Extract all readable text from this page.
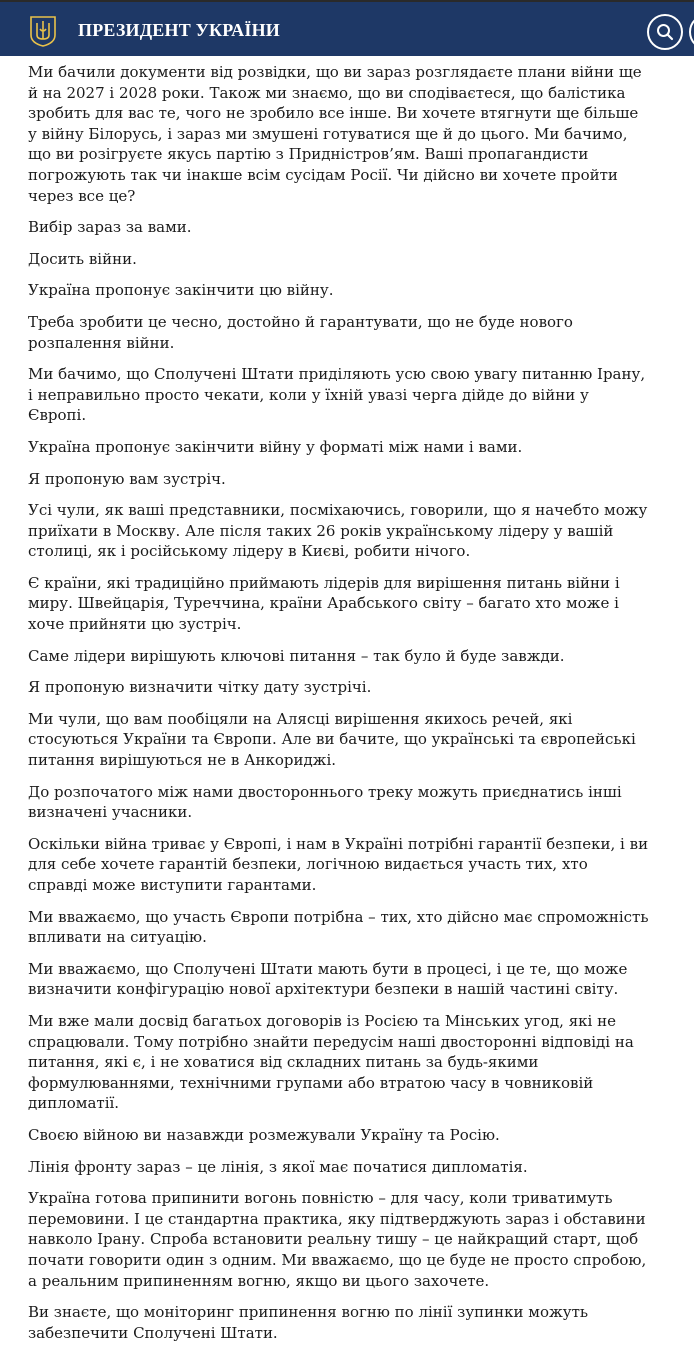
ПРЕЗИДЕНТ УКРАЇНИ

Ми бачили документи від розвідки, що ви зараз розглядаєте плани війни ще й на 2027 і 2028 роки. Також ми знаємо, що ви сподіваєтеся, що балістика зробить для вас те, чого не зробило все інше. Ви хочете втягнути ще більше у війну Білорусь, і зараз ми змушені готуватися ще й до цього. Ми бачимо, що ви розігруєте якусь партію з Придністров’ям. Ваші пропагандисти погрожують так чи інакше всім сусідам Росії. Чи дійсно ви хочете пройти через все це?

Вибір зараз за вами.

Досить війни.

Україна пропонує закінчити цю війну.

Треба зробити це чесно, достойно й гарантувати, що не буде нового розпалення війни.

Ми бачимо, що Сполучені Штати приділяють усю свою увагу питанню Ірану, і неправильно просто чекати, коли у їхній увазі черга дійде до війни у Європі.

Україна пропонує закінчити війну у форматі між нами і вами.

Я пропоную вам зустріч.

Усі чули, як ваші представники, посміхаючись, говорили, що я начебто можу приїхати в Москву. Але після таких 26 років українському лідеру у вашій столиці, як і російському лідеру в Києві, робити нічого.

Є країни, які традиційно приймають лідерів для вирішення питань війни і миру. Швейцарія, Туреччина, країни Арабського світу – багато хто може і хоче прийняти цю зустріч.

Саме лідери вирішують ключові питання – так було й буде завжди.

Я пропоную визначити чітку дату зустрічі.

Ми чули, що вам пообіцяли на Алясці вирішення якихось речей, які стосуються України та Європи. Але ви бачите, що українські та європейські питання вирішуються не в Анкориджі.

До розпочатого між нами двостороннього треку можуть приєднатись інші визначені учасники.

Оскільки війна триває у Європі, і нам в Україні потрібні гарантії безпеки, і ви для себе хочете гарантій безпеки, логічною видається участь тих, хто справді може виступити гарантами.

Ми вважаємо, що участь Європи потрібна – тих, хто дійсно має спроможність впливати на ситуацію.

Ми вважаємо, що Сполучені Штати мають бути в процесі, і це те, що може визначити конфігурацію нової архітектури безпеки в нашій частині світу.

Ми вже мали досвід багатьох договорів із Росією та Мінських угод, які не спрацювали. Тому потрібно знайти передусім наші двосторонні відповіді на питання, які є, і не ховатися від складних питань за будь-якими формулюваннями, технічними групами або втратою часу в човниковій дипломатії.

Своєю війною ви назавжди розмежували Україну та Росію.

Лінія фронту зараз – це лінія, з якої має початися дипломатія.

Україна готова припинити вогонь повністю – для часу, коли триватимуть перемовини. І це стандартна практика, яку підтверджують зараз і обставини навколо Ірану. Спроба встановити реальну тишу – це найкращий старт, щоб почати говорити один з одним. Ми вважаємо, що це буде не просто спробою, а реальним припиненням вогню, якщо ви цього захочете.

Ви знаєте, що моніторинг припинення вогню по лінії зупинки можуть забезпечити Сполучені Штати.
